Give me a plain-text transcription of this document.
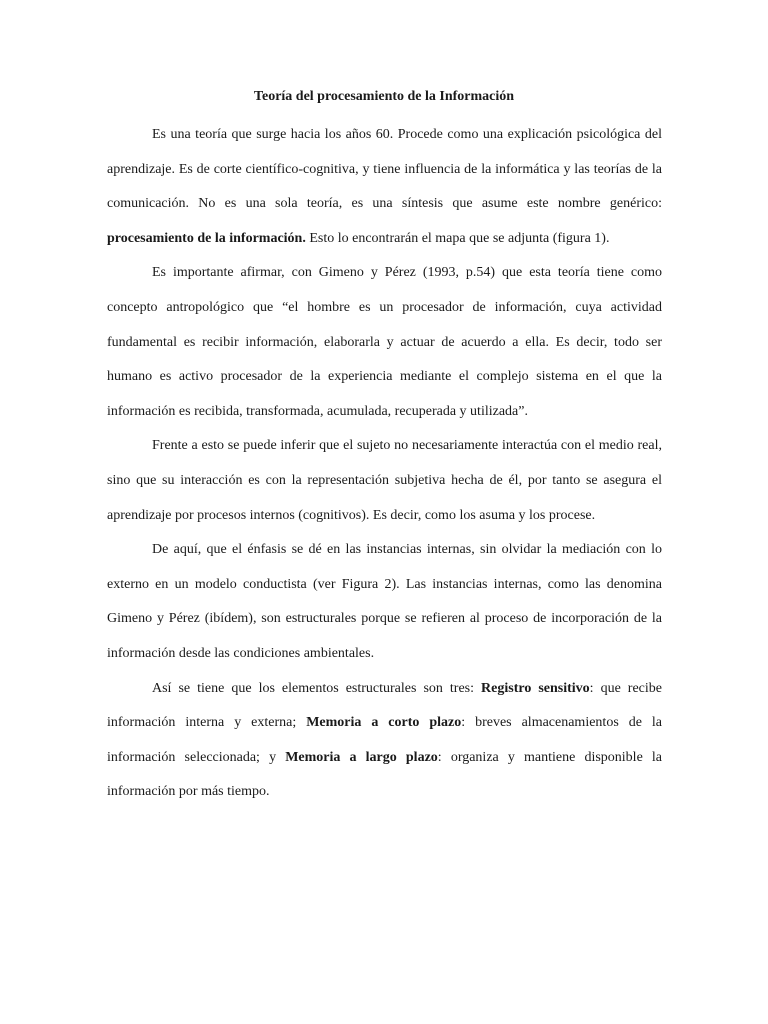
Teoría del procesamiento de la Información

Es una teoría que surge hacia los años 60. Procede como una explicación psicológica del aprendizaje. Es de corte científico-cognitiva, y tiene influencia de la informática y las teorías de la comunicación. No es una sola teoría, es una síntesis que asume este nombre genérico: procesamiento de la información. Esto lo encontrarán el mapa que se adjunta (figura 1).

Es importante afirmar, con Gimeno y Pérez (1993, p.54) que esta teoría tiene como concepto antropológico que “el hombre es un procesador de información, cuya actividad fundamental es recibir información, elaborarla y actuar de acuerdo a ella. Es decir, todo ser humano es activo procesador de la experiencia mediante el complejo sistema en el que la información es recibida, transformada, acumulada, recuperada y utilizada”.

Frente a esto se puede inferir que el sujeto no necesariamente interactúa con el medio real, sino que su interacción es con la representación subjetiva hecha de él, por tanto se asegura el aprendizaje por procesos internos (cognitivos). Es decir, como los asuma y los procese.

De aquí, que el énfasis se dé en las instancias internas, sin olvidar la mediación con lo externo en un modelo conductista (ver Figura 2). Las instancias internas, como las denomina Gimeno y Pérez (ibídem), son estructurales porque se refieren al proceso de incorporación de la información desde las condiciones ambientales.

Así se tiene que los elementos estructurales son tres: Registro sensitivo: que recibe información interna y externa; Memoria a corto plazo: breves almacenamientos de la información seleccionada; y Memoria a largo plazo: organiza y mantiene disponible la información por más tiempo.
